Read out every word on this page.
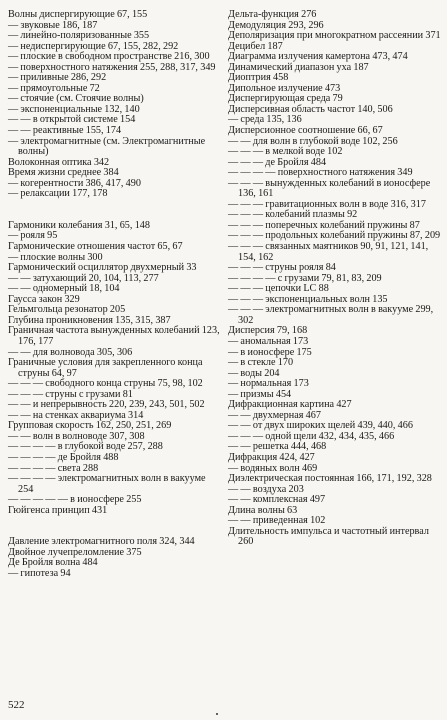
Волны диспергирующие 67, 155
— звуковые 186, 187
— линейно-поляризованные 355
— недиспергирующие 67, 155, 282, 292
— плоские в свободном пространстве 216, 300
— поверхностного натяжения 255, 288, 317, 349
— приливные 286, 292
— прямоугольные 72
— стоячие (см. Стоячие волны)
— экспоненциальные 132, 140
— — в открытой системе 154
— — реактивные 155, 174
— электромагнитные (см. Электромагнитные волны)
Волоконная оптика 342
Время жизни среднее 384
— когерентности 386, 417, 490
— релаксации 177, 178
Гармоники колебания 31, 65, 148
— рояля 95
Гармонические отношения частот 65, 67
— плоские волны 300
Гармонический осциллятор двухмерный 33
— — затухающий 20, 104, 113, 277
— — одномерный 18, 104
Гаусса закон 329
Гельмгольца резонатор 205
Глубина проникновения 135, 315, 387
Граничная частота вынужденных колебаний 123, 176, 177
— — для волновода 305, 306
Граничные условия для закрепленного конца струны 64, 97
— — — свободного конца струны 75, 98, 102
— — — струны с грузами 81
— — и непрерывность 220, 239, 243, 501, 502
— — на стенках аквариума 314
Групповая скорость 162, 250, 251, 269
— — волн в волноводе 307, 308
— — — — в глубокой воде 257, 288
— — — — де Бройля 488
— — — — света 288
— — — — электромагнитных волн в вакууме 254
— — — — — в ионосфере 255
Гюйгенса принцип 431
Давление электромагнитного поля 324, 344
Двойное лучепреломление 375
Де Бройля волна 484
— гипотеза 94
Дельта-функция 276
Демодуляция 293, 296
Деполяризация при многократном рассеянии 371
Децибел 187
Диаграмма излучения камертона 473, 474
Динамический диапазон уха 187
Диоптрия 458
Дипольное излучение 473
Диспергирующая среда 79
Дисперсивная область частот 140, 506
— среда 135, 136
Дисперсионное соотношение 66, 67
— — для волн в глубокой воде 102, 256
— — — в мелкой воде 102
— — — де Бройля 484
— — — — поверхностного натяжения 349
— — — вынужденных колебаний в ионосфере 136, 161
— — — гравитационных волн в воде 316, 317
— — — колебаний плазмы 92
— — — поперечных колебаний пружины 87
— — — продольных колебаний пружины 87, 209
— — — связанных маятников 90, 91, 121, 141, 154, 162
— — — струны рояля 84
— — — — с грузами 79, 81, 83, 209
— — — цепочки LC 88
— — — экспоненциальных волн 135
— — — электромагнитных волн в вакууме 299, 302
Дисперсия 79, 168
— аномальная 173
— в ионосфере 175
— в стекле 170
— воды 204
— нормальная 173
— призмы 454
Дифракционная картина 427
— — двухмерная 467
— — от двух широких щелей 439, 440, 466
— — — одной щели 432, 434, 435, 466
— — решетка 444, 468
Дифракция 424, 427
— водяных волн 469
Диэлектрическая постоянная 166, 171, 192, 328
— — воздуха 203
— — комплексная 497
Длина волны 63
— — приведенная 102
Длительность импульса и частотный интервал 260
522
